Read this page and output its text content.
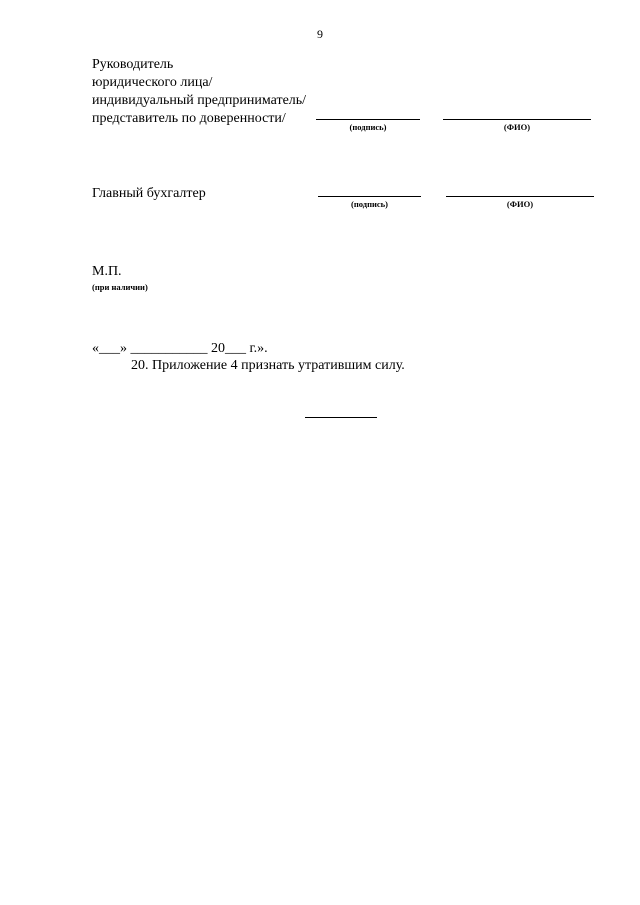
9
Руководитель
юридического лица/
индивидуальный предприниматель/
представитель по доверенности/
(подпись)	(ФИО)
Главный бухгалтер
(подпись)	(ФИО)
М.П.
(при наличии)
«___» ___________ 20___ г.».
20. Приложение 4 признать утратившим силу.
